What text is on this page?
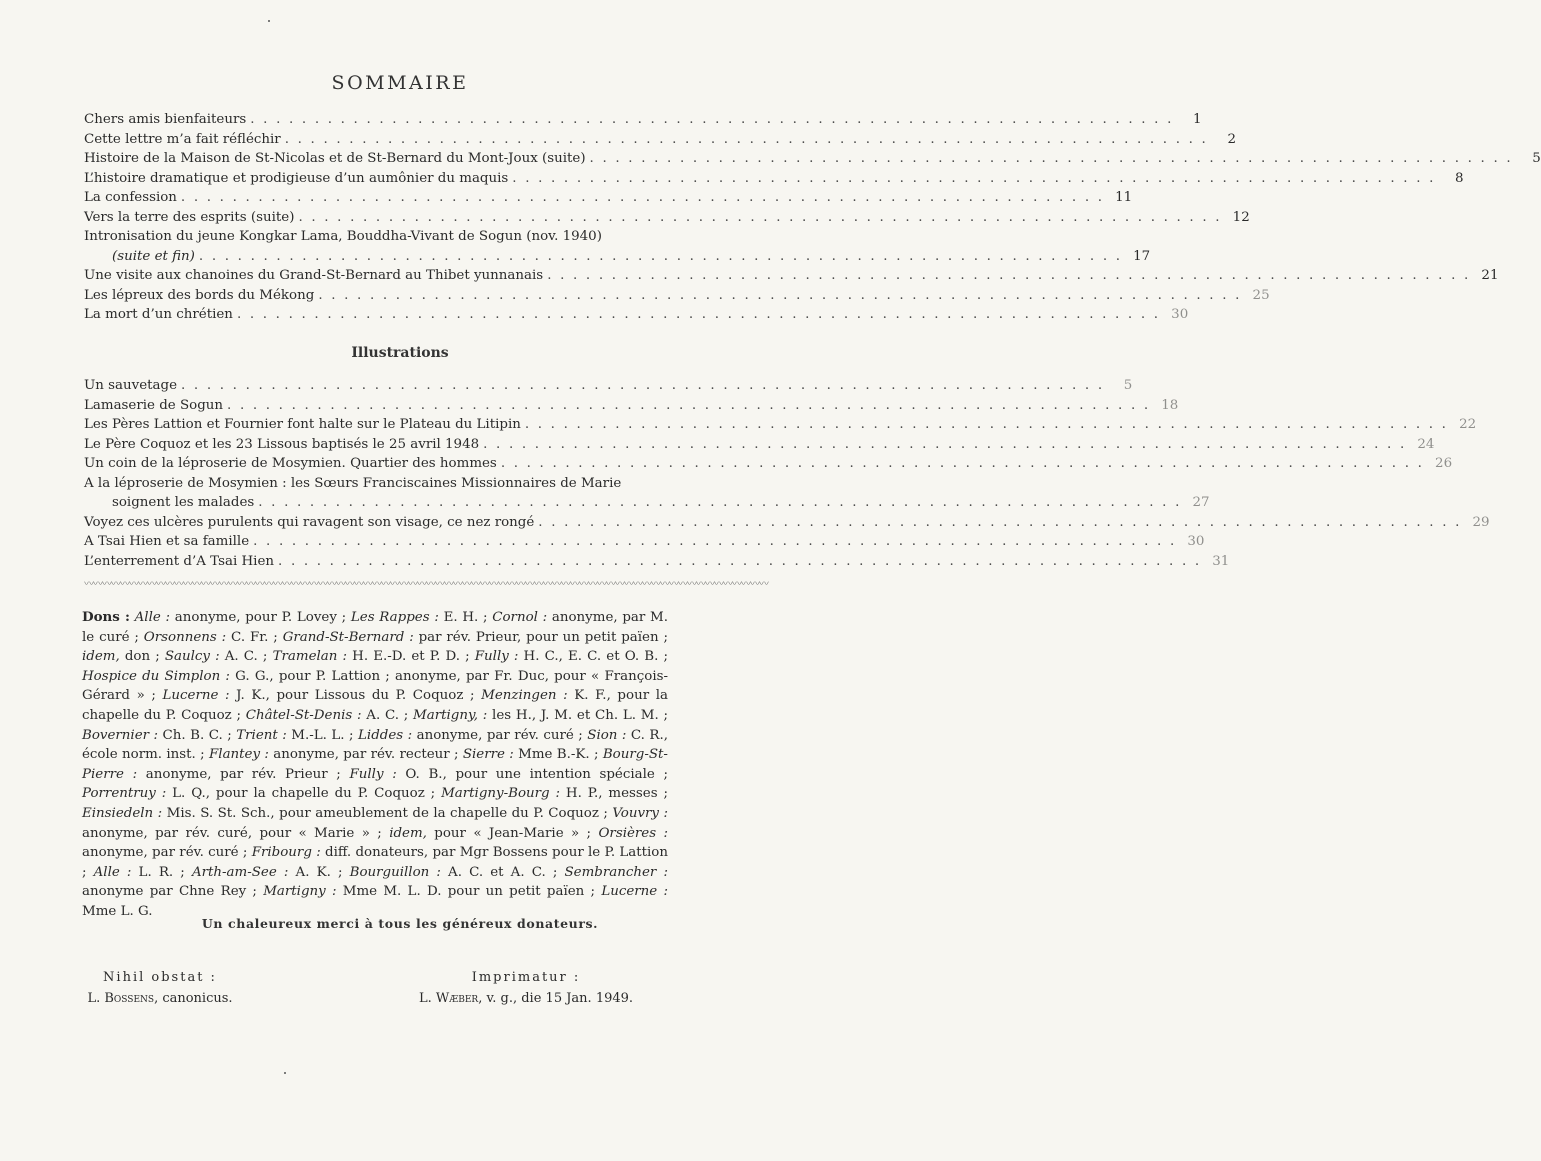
SOMMAIRE
Chers amis bienfaiteurs . . .	1
Cette lettre m’a fait réfléchir . . .	2
Histoire de la Maison de St-Nicolas et de St-Bernard du Mont-Joux (suite) . . .	5
L’histoire dramatique et prodigieuse d’un aumônier du maquis . . .	8
La confession . . .	11
Vers la terre des esprits (suite) . . .	12
Intronisation du jeune Kongkar Lama, Bouddha-Vivant de Sogun (nov. 1940)
(suite et fin) . . .	17
Une visite aux chanoines du Grand-St-Bernard au Thibet yunnanais . . .	21
Les lépreux des bords du Mékong . . .	25
La mort d’un chrétien . . .	30
Illustrations
Un sauvetage . . .	5
Lamaserie de Sogun . . .	18
Les Pères Lattion et Fournier font halte sur le Plateau du Litipin . . .	22
Le Père Coquoz et les 23 Lissous baptisés le 25 avril 1948 . . .	24
Un coin de la léproserie de Mosymien. Quartier des hommes . . .	26
A la léproserie de Mosymien : les Sœurs Franciscaines Missionnaires de Marie
soignent les malades . . .	27
Voyez ces ulcères purulents qui ravagent son visage, ce nez rongé . . .	29
A Tsai Hien et sa famille . . .	30
L’enterrement d’A Tsai Hien . . .	31
〰〰〰〰〰〰〰〰〰〰〰〰〰〰〰〰〰〰〰〰〰〰〰〰〰〰〰〰〰〰〰〰〰〰〰〰〰〰〰〰〰〰〰〰〰〰〰〰〰〰〰〰〰〰〰〰〰〰〰〰〰〰〰〰〰〰〰〰〰〰〰〰〰〰〰〰
Dons : Alle : anonyme, pour P. Lovey ; Les Rappes : E. H. ; Cornol : anonyme, par M. le curé ; Orsonnens : C. Fr. ; Grand-St-Bernard : par rév. Prieur, pour un petit païen ; idem, don ; Saulcy : A. C. ; Tramelan : H. E.-D. et P. D. ; Fully : H. C., E. C. et O. B. ; Hospice du Simplon : G. G., pour P. Lattion ; anonyme, par Fr. Duc, pour « François-Gérard » ; Lucerne : J. K., pour Lissous du P. Coquoz ; Menzingen : K. F., pour la chapelle du P. Coquoz ; Châtel-St-Denis : A. C. ; Martigny, : les H., J. M. et Ch. L. M. ; Bovernier : Ch. B. C. ; Trient : M.-L. L. ; Liddes : anonyme, par rév. curé ; Sion : C. R., école norm. inst. ; Flantey : anonyme, par rév. recteur ; Sierre : Mme B.-K. ; Bourg-St-Pierre : anonyme, par rév. Prieur ; Fully : O. B., pour une intention spéciale ; Porrentruy : L. Q., pour la chapelle du P. Coquoz ; Martigny-Bourg : H. P., messes ; Einsiedeln : Mis. S. St. Sch., pour ameublement de la chapelle du P. Coquoz ; Vouvry : anonyme, par rév. curé, pour « Marie » ; idem, pour « Jean-Marie » ; Orsières : anonyme, par rév. curé ; Fribourg : diff. donateurs, par Mgr Bossens pour le P. Lattion ; Alle : L. R. ; Arth-am-See : A. K. ; Bourguillon : A. C. et A. C. ; Sembrancher : anonyme par Chne Rey ; Martigny : Mme M. L. D. pour un petit païen ; Lucerne : Mme L. G.
Un chaleureux merci à tous les généreux donateurs.
Nihil obstat :
L. Bossens, canonicus.
Imprimatur :
L. Wæber, v. g., die 15 Jan. 1949.
